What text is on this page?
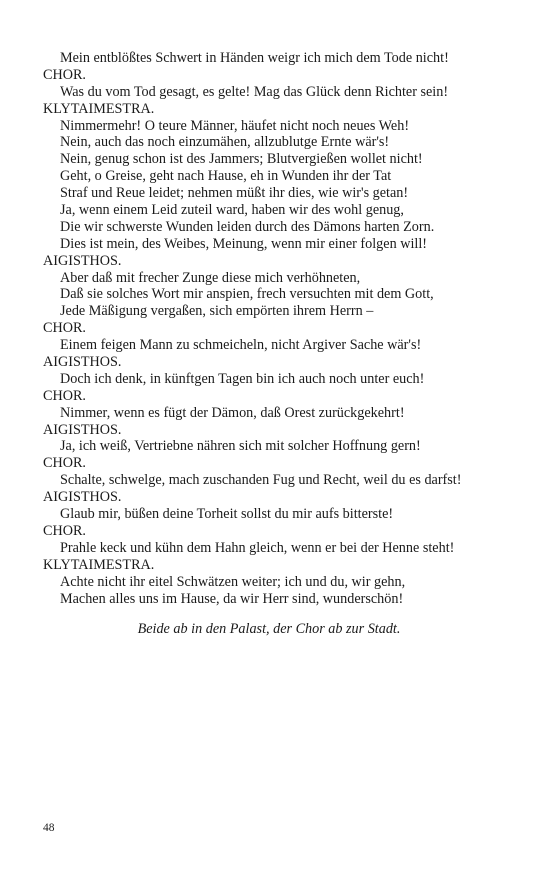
Mein entblößtes Schwert in Händen weigr ich mich dem Tode nicht!
CHOR.
Was du vom Tod gesagt, es gelte! Mag das Glück denn Richter sein!
KLYTAIMESTRA.
Nimmermehr! O teure Männer, häufet nicht noch neues Weh!
Nein, auch das noch einzumähen, allzublutge Ernte wär's!
Nein, genug schon ist des Jammers; Blutvergießen wollet nicht!
Geht, o Greise, geht nach Hause, eh in Wunden ihr der Tat
Straf und Reue leidet; nehmen müßt ihr dies, wie wir's getan!
Ja, wenn einem Leid zuteil ward, haben wir des wohl genug,
Die wir schwerste Wunden leiden durch des Dämons harten Zorn.
Dies ist mein, des Weibes, Meinung, wenn mir einer folgen will!
AIGISTHOS.
Aber daß mit frecher Zunge diese mich verhöhneten,
Daß sie solches Wort mir anspien, frech versuchten mit dem Gott,
Jede Mäßigung vergaßen, sich empörten ihrem Herrn –
CHOR.
Einem feigen Mann zu schmeicheln, nicht Argiver Sache wär's!
AIGISTHOS.
Doch ich denk, in künftgen Tagen bin ich auch noch unter euch!
CHOR.
Nimmer, wenn es fügt der Dämon, daß Orest zurückgekehrt!
AIGISTHOS.
Ja, ich weiß, Vertriebne nähren sich mit solcher Hoffnung gern!
CHOR.
Schalte, schwelge, mach zuschanden Fug und Recht, weil du es darfst!
AIGISTHOS.
Glaub mir, büßen deine Torheit sollst du mir aufs bitterste!
CHOR.
Prahle keck und kühn dem Hahn gleich, wenn er bei der Henne steht!
KLYTAIMESTRA.
Achte nicht ihr eitel Schwätzen weiter; ich und du, wir gehn,
Machen alles uns im Hause, da wir Herr sind, wunderschön!
Beide ab in den Palast, der Chor ab zur Stadt.
48
